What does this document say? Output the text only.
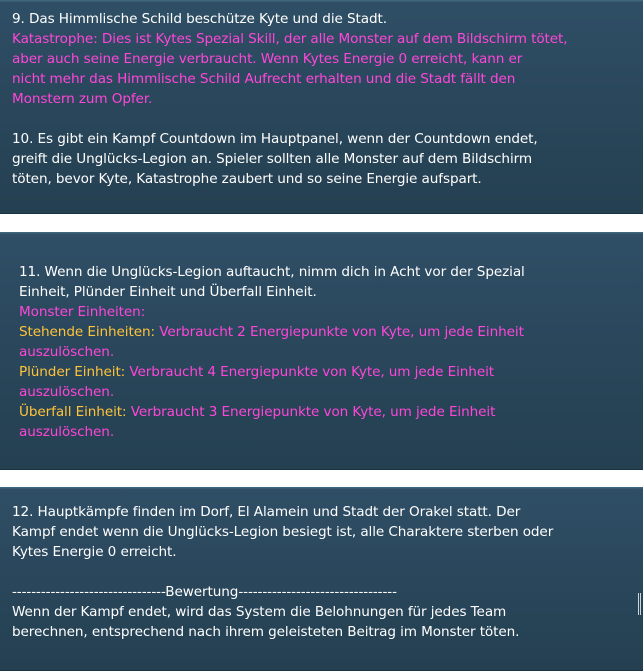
9. Das Himmlische Schild beschütze Kyte und die Stadt.
Katastrophe: Dies ist Kytes Spezial Skill, der alle Monster auf dem Bildschirm tötet,
aber auch seine Energie verbraucht. Wenn Kytes Energie 0 erreicht, kann er
nicht mehr das Himmlische Schild Aufrecht erhalten und die Stadt fällt den
Monstern zum Opfer.
10. Es gibt ein Kampf Countdown im Hauptpanel, wenn der Countdown endet,
greift die Unglücks-Legion an. Spieler sollten alle Monster auf dem Bildschirm
töten, bevor Kyte, Katastrophe zaubert und so seine Energie aufspart.
11. Wenn die Unglücks-Legion auftaucht, nimm dich in Acht vor der Spezial
Einheit, Plünder Einheit und Überfall Einheit.
Monster Einheiten:
Stehende Einheiten: Verbraucht 2 Energiepunkte von Kyte, um jede Einheit
auszulöschen.
Plünder Einheit: Verbraucht 4 Energiepunkte von Kyte, um jede Einheit
auszulöschen.
Überfall Einheit: Verbraucht 3 Energiepunkte von Kyte, um jede Einheit
auszulöschen.
12. Hauptkämpfe finden im Dorf, El Alamein und Stadt der Orakel statt. Der
Kampf endet wenn die Unglücks-Legion besiegt ist, alle Charaktere sterben oder
Kytes Energie 0 erreicht.
--------------------------------Bewertung---------------------------------
Wenn der Kampf endet, wird das System die Belohnungen für jedes Team
berechnen, entsprechend nach ihrem geleisteten Beitrag im Monster töten.
